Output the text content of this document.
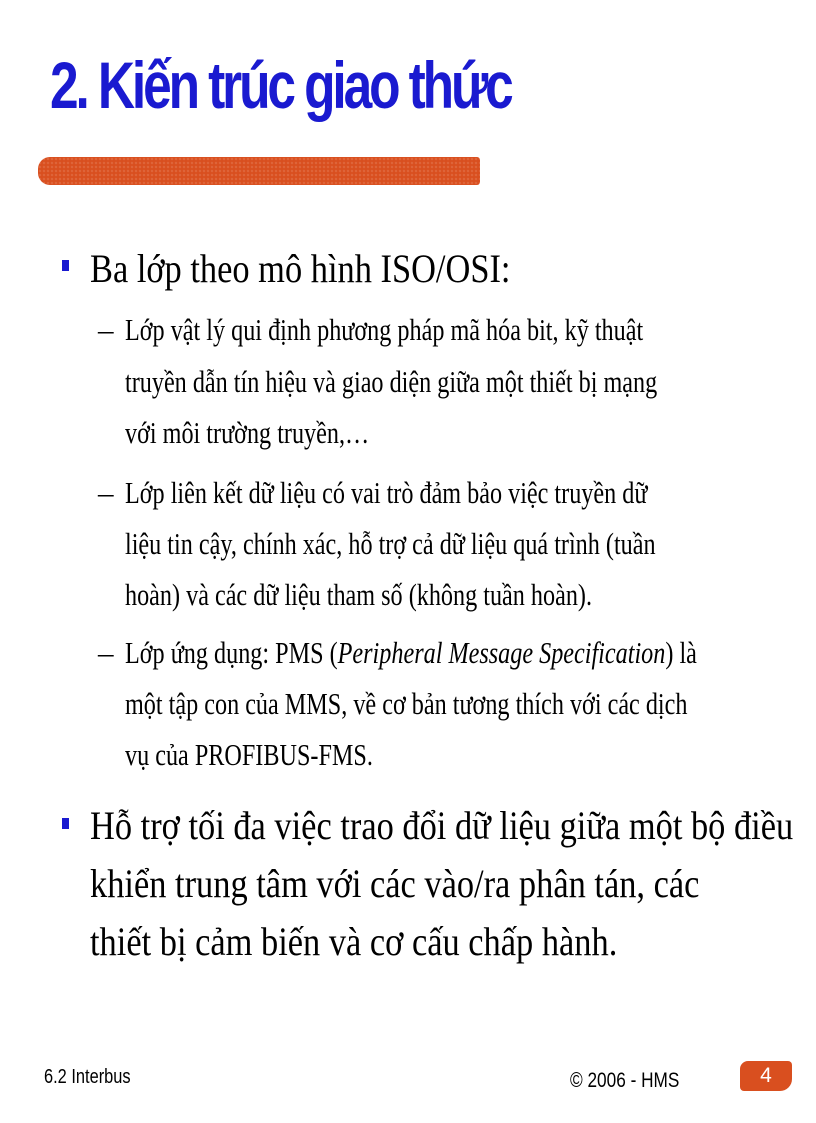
2. Kiến trúc giao thức
Ba lớp theo mô hình ISO/OSI:
– Lớp vật lý qui định phương pháp mã hóa bit, kỹ thuật
truyền dẫn tín hiệu và giao diện giữa một thiết bị mạng
với môi trường truyền,…
– Lớp liên kết dữ liệu có vai trò đảm bảo việc truyền dữ
liệu tin cậy, chính xác, hỗ trợ cả dữ liệu quá trình (tuần
hoàn) và các dữ liệu tham số (không tuần hoàn).
– Lớp ứng dụng: PMS (Peripheral Message Specification) là
một tập con của MMS, về cơ bản tương thích với các dịch
vụ của PROFIBUS-FMS.
Hỗ trợ tối đa việc trao đổi dữ liệu giữa một bộ điều
khiển trung tâm với các vào/ra phân tán, các
thiết bị cảm biến và cơ cấu chấp hành.
6.2 Interbus	© 2006 - HMS	4
